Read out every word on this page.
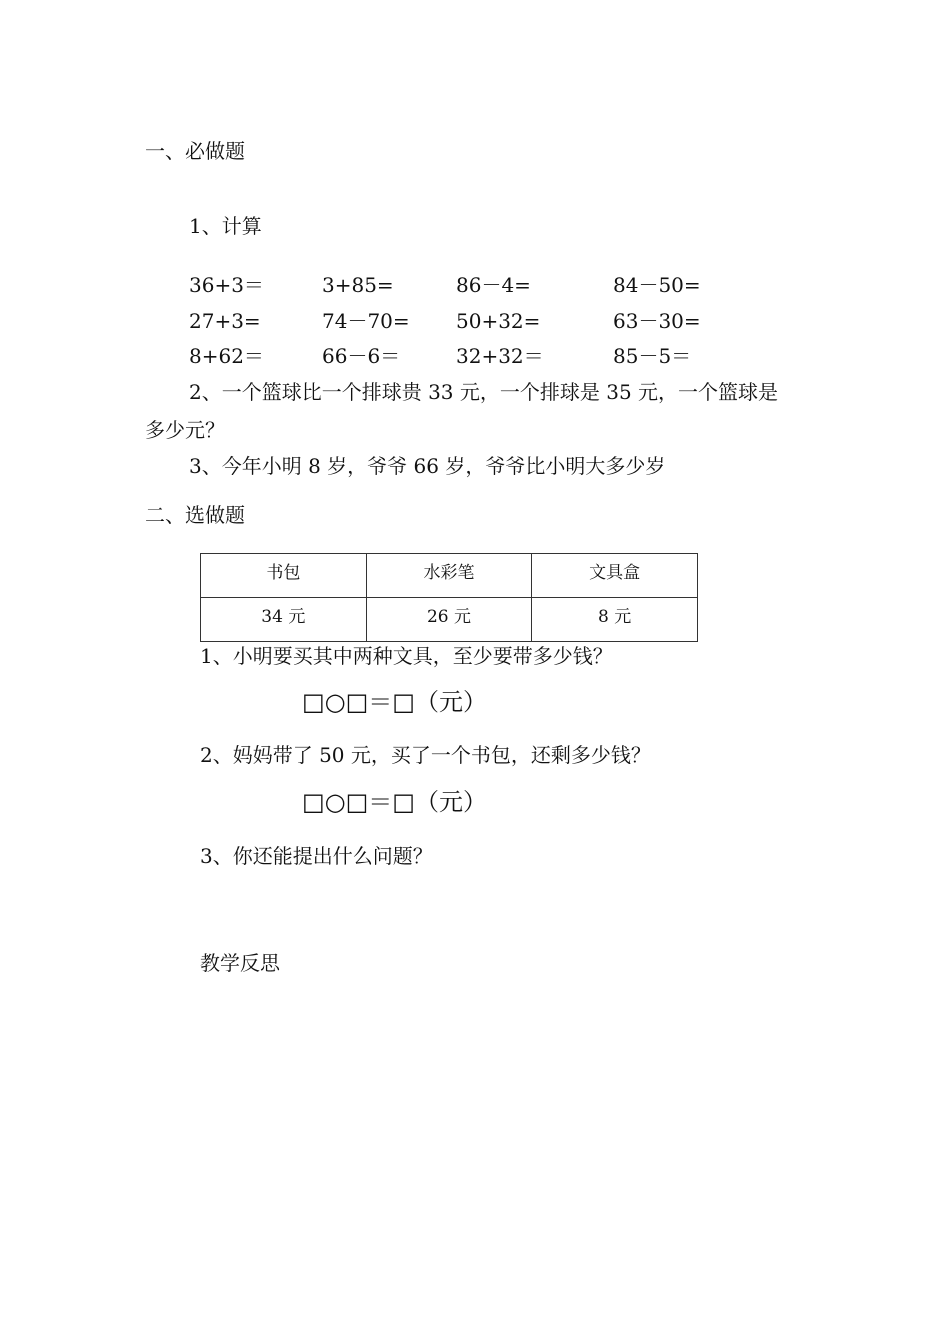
一、必做题
1、计算
36+3＝	3+85=	86－4=	84－50=
27+3=	74－70= 50+32=	63－30=
8+62＝	66－6＝	32+32＝	85－5＝
2、一个篮球比一个排球贵 33 元，一个排球是 35 元，一个篮球是
多少元？
3、今年小明 8 岁，爷爷 66 岁，爷爷比小明大多少岁
二、选做题
书包	水彩笔	文具盒
34 元	26 元	8 元
1、小明要买其中两种文具，至少要带多少钱？
□○□＝□（元）
2、妈妈带了 50 元，买了一个书包，还剩多少钱？
□○□＝□（元）
3、你还能提出什么问题？
教学反思
